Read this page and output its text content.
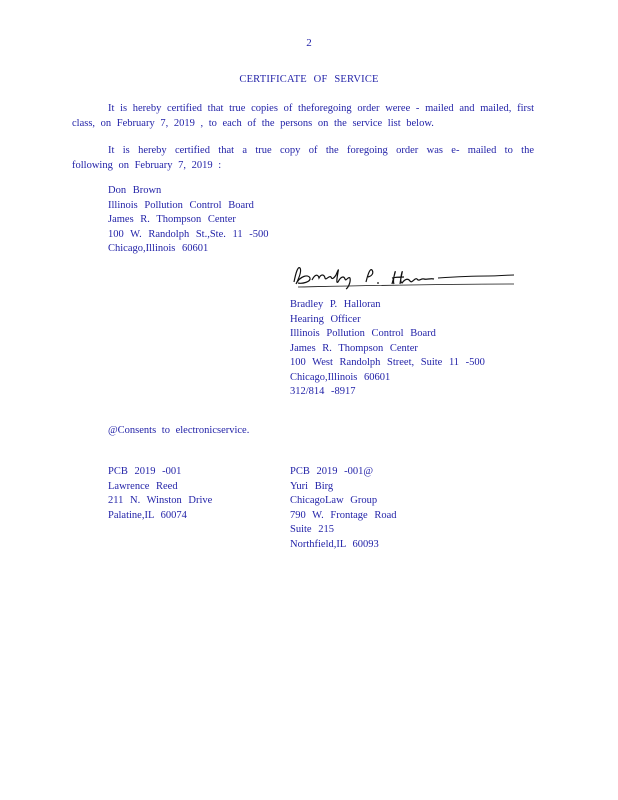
2
CERTIFICATE OF SERVICE
It is hereby certified that true copies of theforegoing order weree - mailed and mailed, first class, on February 7, 2019 , to each of the persons on the service list below.
It is hereby certified that a true copy of the foregoing order was e- mailed to the following on February 7, 2019 :
Don Brown
Illinois Pollution Control Board
James R. Thompson Center
100 W. Randolph St.,Ste. 11 -500
Chicago,Illinois 60601
Bradley P. Halloran
Hearing Officer
Illinois Pollution Control Board
James R. Thompson Center
100 West Randolph Street, Suite 11 -500
Chicago,Illinois 60601
312/814 -8917
@Consents to electronicservice.
PCB 2019 -001
Lawrence Reed
211 N. Winston Drive
Palatine,IL 60074
PCB 2019 -001@
Yuri Birg
ChicagoLaw Group
790 W. Frontage Road
Suite 215
Northfield,IL 60093
